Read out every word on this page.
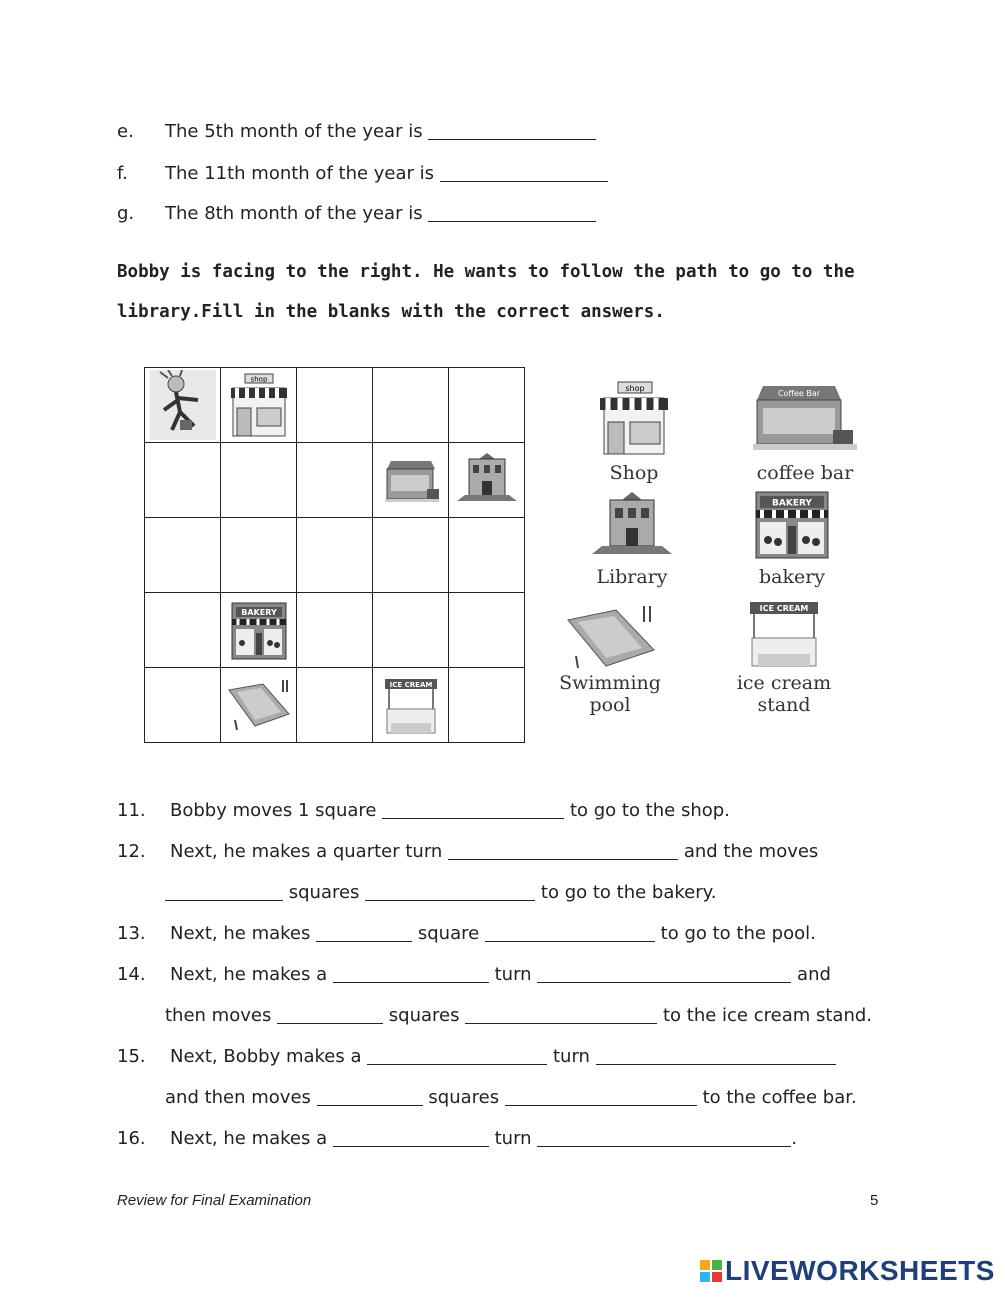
e. The 5th month of the year is
f. The 11th month of the year is
g. The 8th month of the year is
Bobby is facing to the right. He wants to follow the path to go to the
library.Fill in the blanks with the correct answers.

shop			

BAKERY			

ICE CREAM	

shop
Shop
Coffee Bar
coffee bar
Library
BAKERY
bakery
Swimming pool
ICE CREAM
ice cream stand
11. Bobby moves 1 square	to go to the shop.
12. Next, he makes a quarter turn	and the moves
squares	to go to the bakery.
13. Next, he makes	square	to go to the pool.
14. Next, he makes a	turn	and
then moves	squares	to the ice cream stand.
15. Next, Bobby makes a	turn
and then moves	squares	to the coffee bar.
16. Next, he makes a	turn	.
Review for Final Examination	5
LIVEWORKSHEETS
